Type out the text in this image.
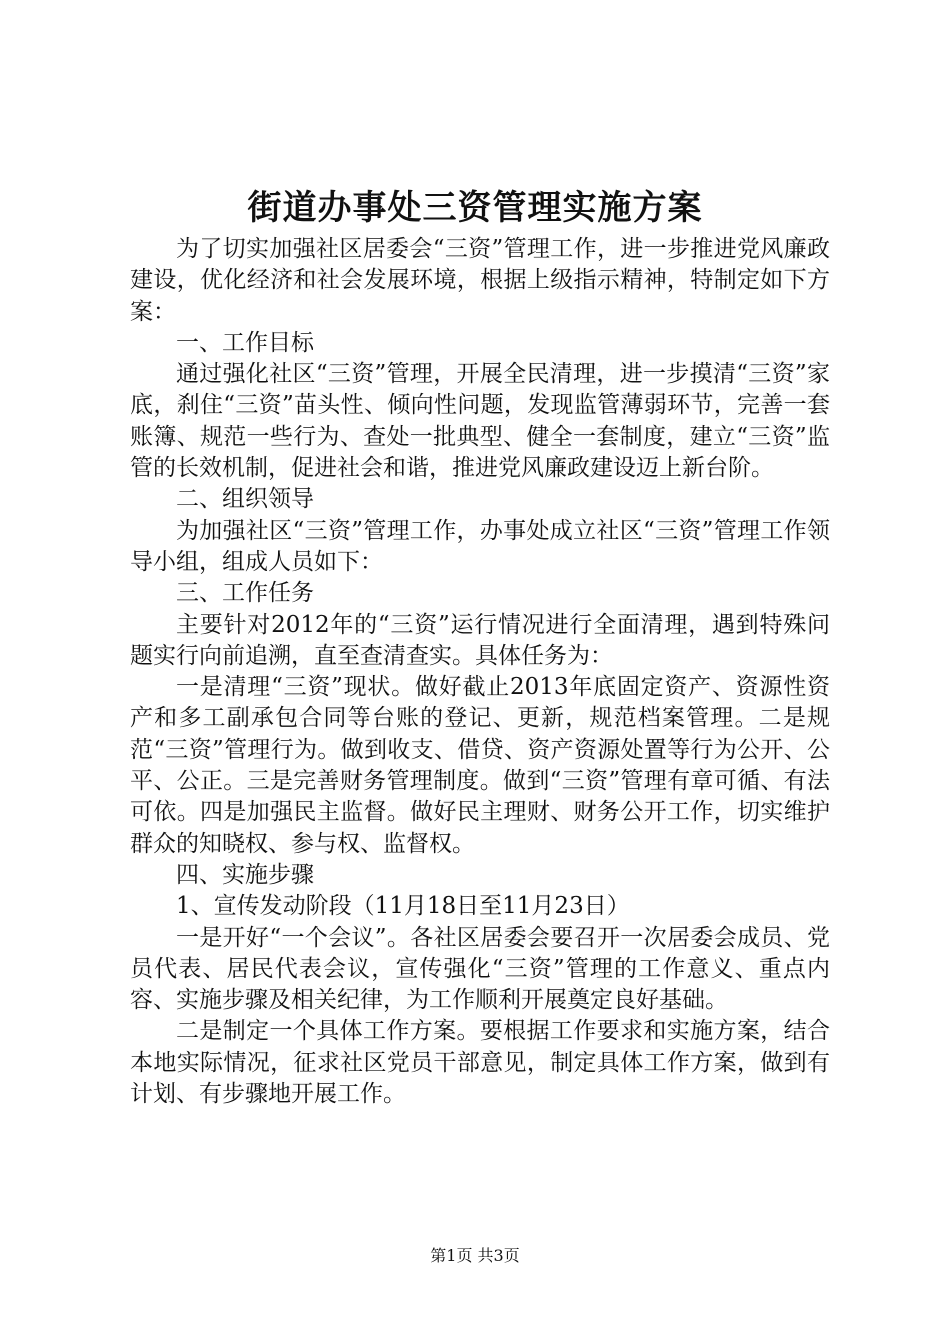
街道办事处三资管理实施方案

为了切实加强社区居委会“三资”管理工作，进一步推进党风廉政建设，优化经济和社会发展环境，根据上级指示精神，特制定如下方案：

一、工作目标

通过强化社区“三资”管理，开展全民清理，进一步摸清“三资”家底，刹住“三资”苗头性、倾向性问题，发现监管薄弱环节，完善一套账簿、规范一些行为、查处一批典型、健全一套制度，建立“三资”监管的长效机制，促进社会和谐，推进党风廉政建设迈上新台阶。

二、组织领导

为加强社区“三资”管理工作，办事处成立社区“三资”管理工作领导小组，组成人员如下：

三、工作任务

主要针对2012年的“三资”运行情况进行全面清理，遇到特殊问题实行向前追溯，直至查清查实。具体任务为：

一是清理“三资”现状。做好截止2013年底固定资产、资源性资产和多工副承包合同等台账的登记、更新，规范档案管理。二是规范“三资”管理行为。做到收支、借贷、资产资源处置等行为公开、公平、公正。三是完善财务管理制度。做到“三资”管理有章可循、有法可依。四是加强民主监督。做好民主理财、财务公开工作，切实维护群众的知晓权、参与权、监督权。

四、实施步骤

1、宣传发动阶段（11月18日至11月23日）

一是开好“一个会议”。各社区居委会要召开一次居委会成员、党员代表、居民代表会议，宣传强化“三资”管理的工作意义、重点内容、实施步骤及相关纪律，为工作顺利开展奠定良好基础。

二是制定一个具体工作方案。要根据工作要求和实施方案，结合本地实际情况，征求社区党员干部意见，制定具体工作方案，做到有计划、有步骤地开展工作。

第1页 共3页
